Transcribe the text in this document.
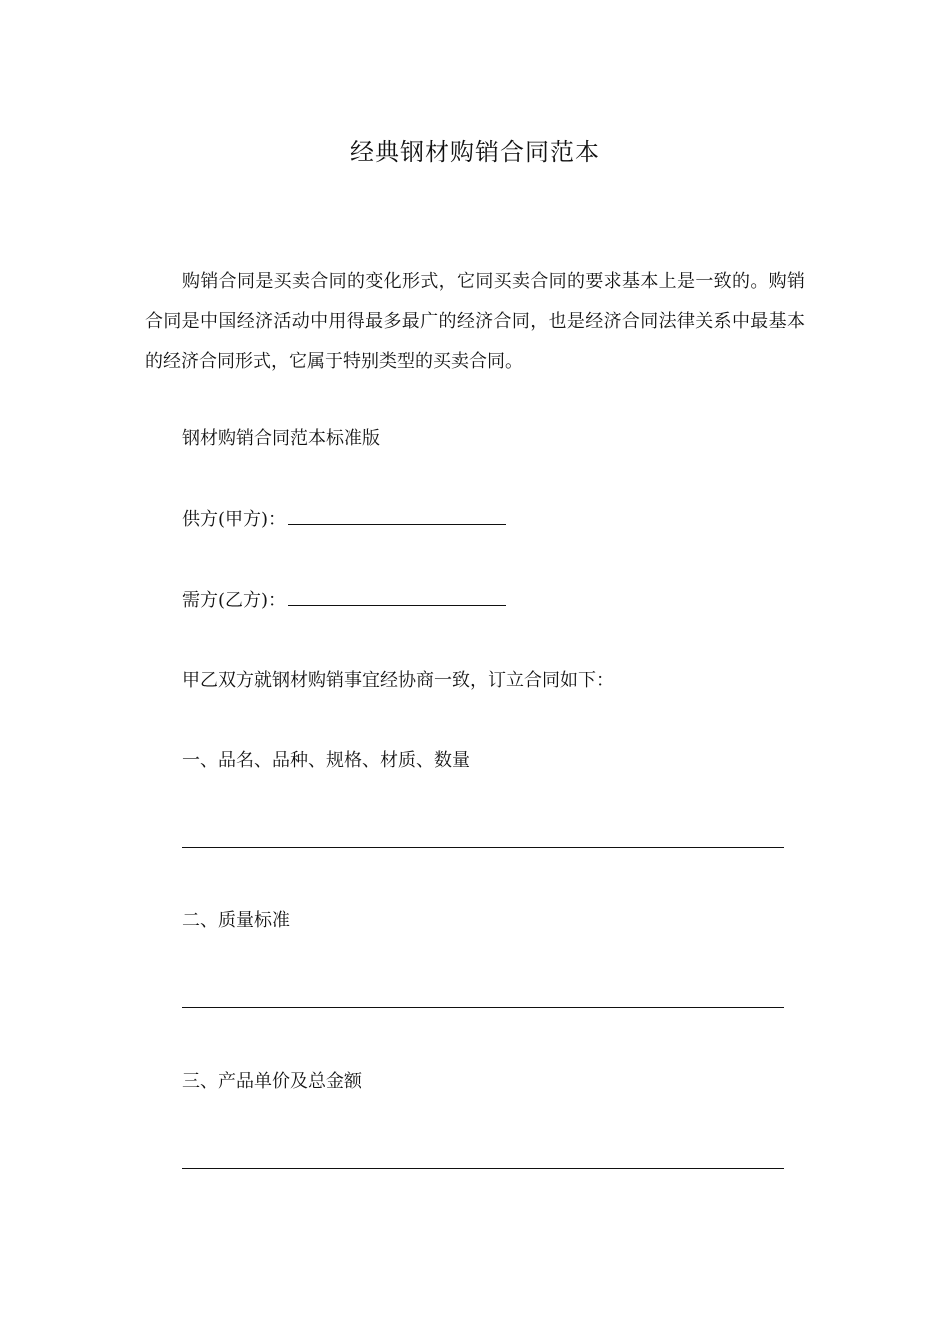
经典钢材购销合同范本

购销合同是买卖合同的变化形式，它同买卖合同的要求基本上是一致的。购销合同是中国经济活动中用得最多最广的经济合同，也是经济合同法律关系中最基本的经济合同形式，它属于特别类型的买卖合同。

钢材购销合同范本标准版
供方(甲方)：
需方(乙方)：
甲乙双方就钢材购销事宜经协商一致，订立合同如下：
一、品名、品种、规格、材质、数量
二、质量标准
三、产品单价及总金额
